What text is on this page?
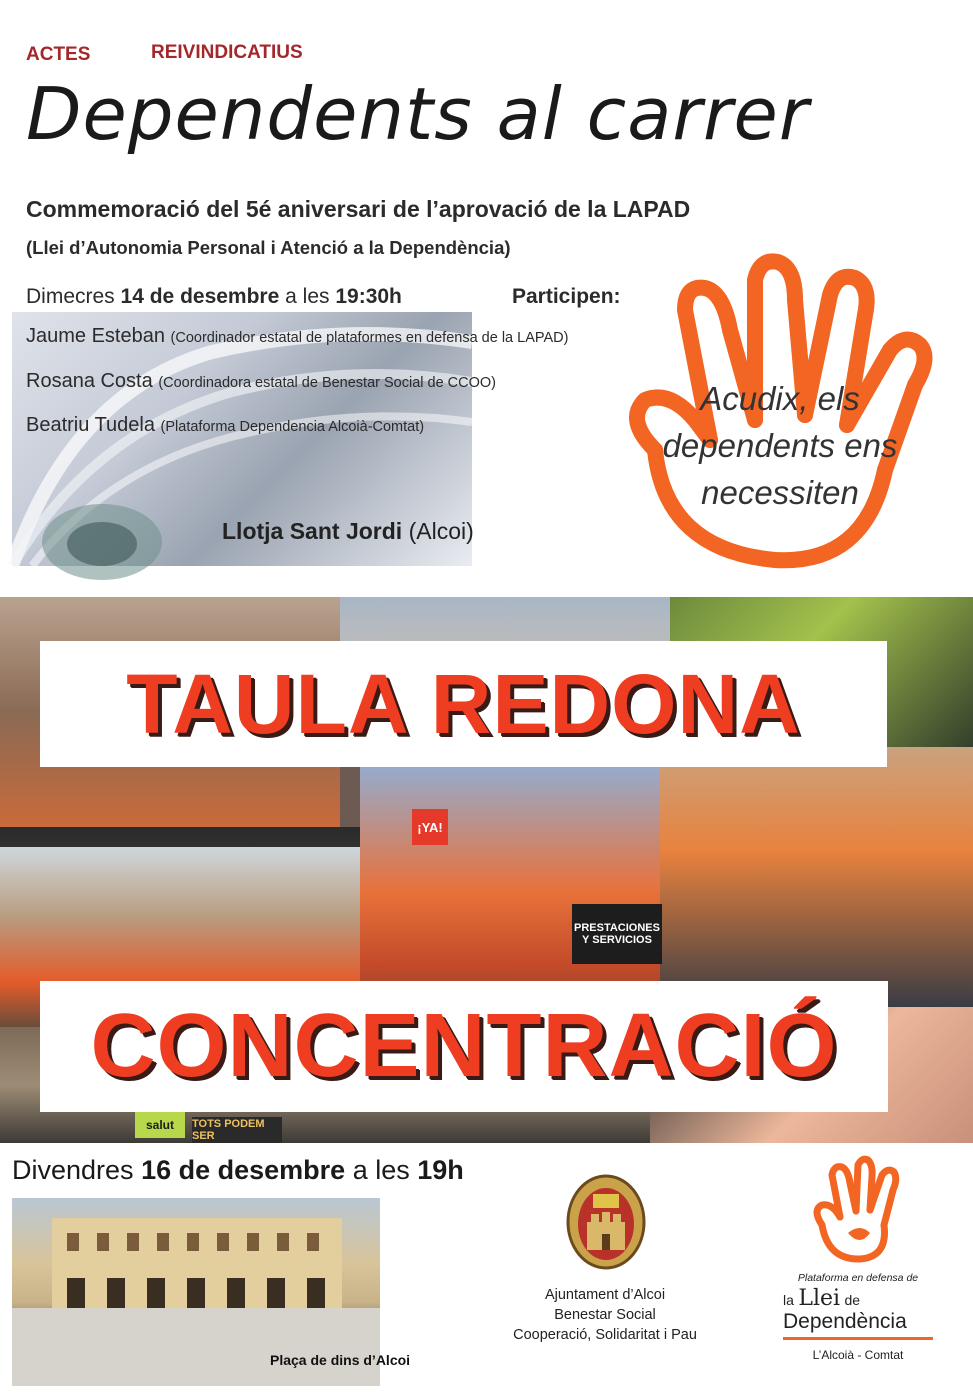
ACTES	REIVINDICATIUS
Dependents al carrer
Commemoració del 5é aniversari de l’aprovació de la LAPAD
(Llei d’Autonomia Personal i Atenció a la Dependència)
Dimecres 14 de desembre a les 19:30h	Participen:
Jaume Esteban (Coordinador estatal de plataformes en defensa de la LAPAD)
Rosana Costa (Coordinadora estatal de Benestar Social de CCOO)
Beatriu Tudela (Plataforma Dependencia Alcoià-Comtat)
Llotja Sant Jordi (Alcoi)
Acudix, els
dependents ens
necessiten
PRESTACIONES Y SERVICIOS
¡YA!
TOTS PODEM SER
salut
TAULA REDONA
CONCENTRACIÓ
Divendres 16 de desembre a les 19h
Plaça de dins d’Alcoi
Ajuntament d’Alcoi
Benestar Social
Cooperació, Solidaritat i Pau
Plataforma en defensa de
la Llei de
Dependència
L’Alcoià - Comtat
